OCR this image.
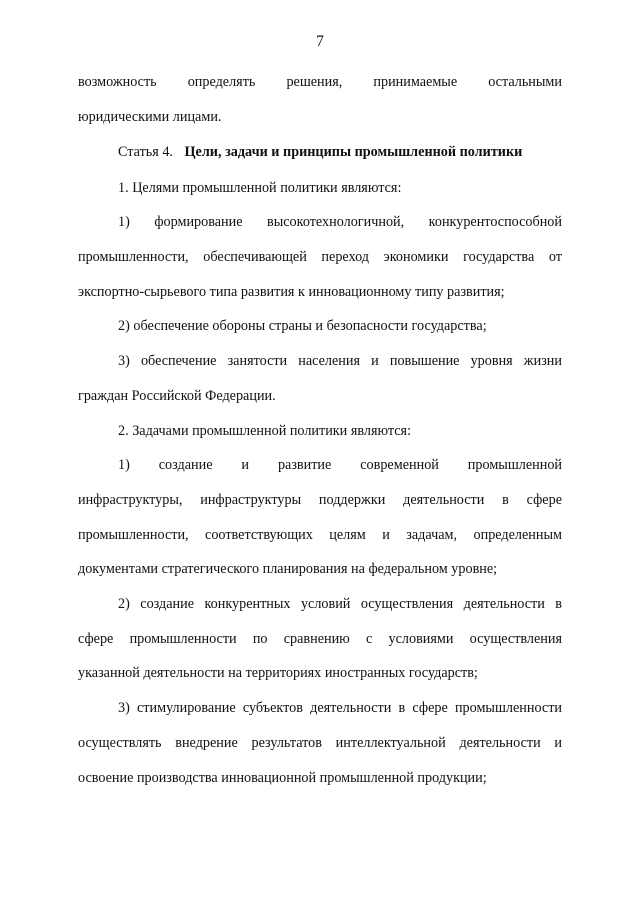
7
возможность определять решения, принимаемые остальными
юридическими лицами.
Статья 4. Цели, задачи и принципы промышленной политики
1. Целями промышленной политики являются:
1) формирование высокотехнологичной, конкурентоспособной
промышленности, обеспечивающей переход экономики государства от
экспортно-сырьевого типа развития к инновационному типу развития;
2) обеспечение обороны страны и безопасности государства;
3) обеспечение занятости населения и повышение уровня жизни
граждан Российской Федерации.
2. Задачами промышленной политики являются:
1) создание и развитие современной промышленной
инфраструктуры, инфраструктуры поддержки деятельности в сфере
промышленности, соответствующих целям и задачам, определенным
документами стратегического планирования на федеральном уровне;
2) создание конкурентных условий осуществления деятельности в
сфере промышленности по сравнению с условиями осуществления
указанной деятельности на территориях иностранных государств;
3) стимулирование субъектов деятельности в сфере промышленности
осуществлять внедрение результатов интеллектуальной деятельности и
освоение производства инновационной промышленной продукции;
